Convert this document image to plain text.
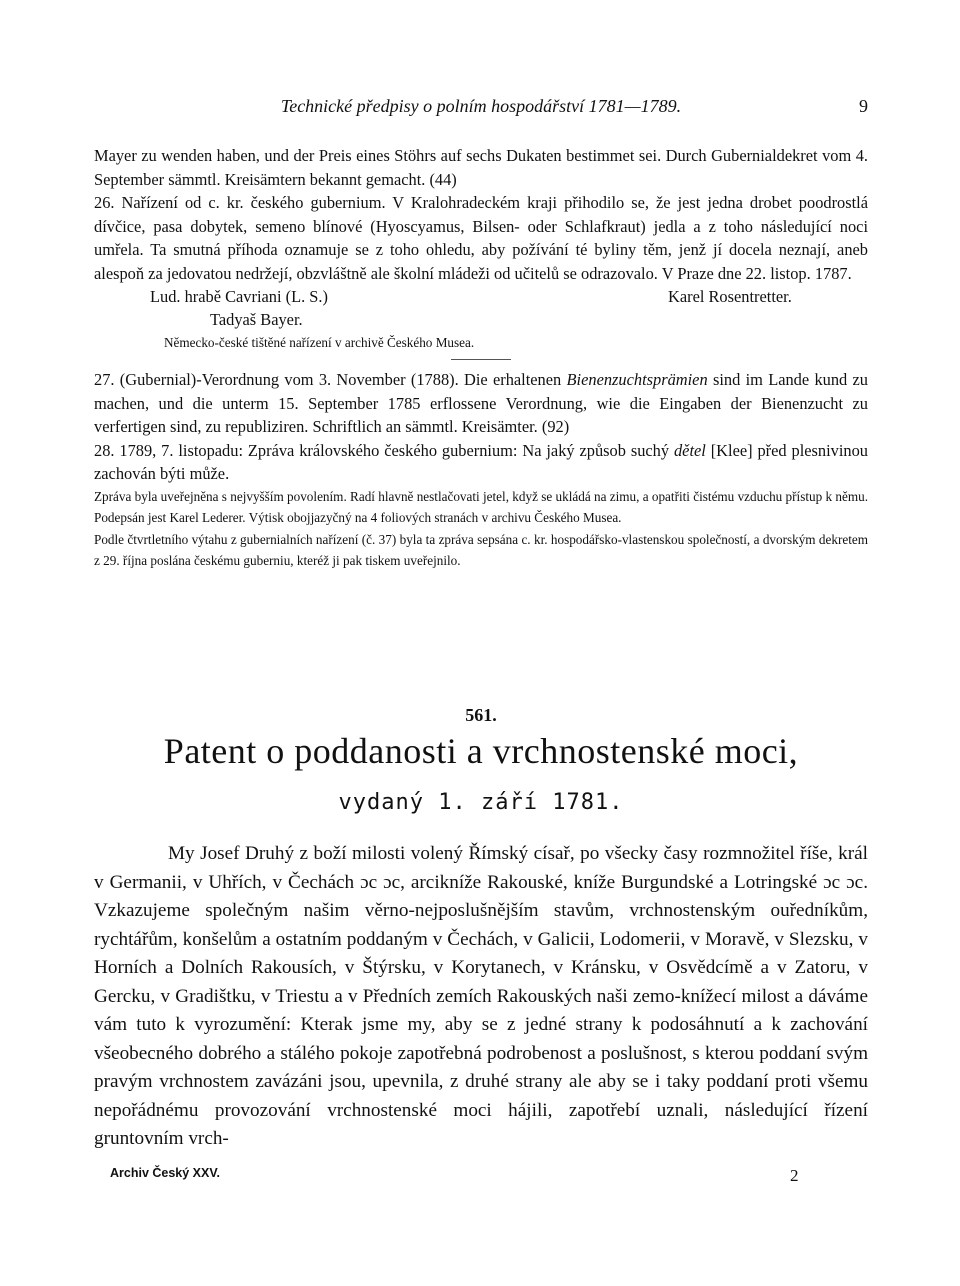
Technické předpisy o polním hospodářství 1781—1789.	9

Mayer zu wenden haben, und der Preis eines Stöhrs auf sechs Dukaten bestimmet sei. Durch Gubernialdekret vom 4. September sämmtl. Kreisämtern bekannt gemacht. (44)

26. Nařízení od c. kr. českého gubernium. V Kralohradeckém kraji přihodilo se, že jest jedna drobet poodrostlá dívčice, pasa dobytek, semeno blínové (Hyoscyamus, Bilsen- oder Schlafkraut) jedla a z toho následující noci umřela. Ta smutná příhoda oznamuje se z toho ohledu, aby požívání té byliny těm, jenž jí docela neznají, aneb alespoň za jedovatou nedržejí, obzvláštně ale školní mládeži od učitelů se odrazovalo. V Praze dne 22. listop. 1787.

Lud. hrabě Cavriani (L. S.)	Karel Rosentretter.
Tadyaš Bayer.
Německo-české tištěné nařízení v archivě Českého Musea.

27. (Gubernial)-Verordnung vom 3. November (1788). Die erhaltenen Bienenzuchtsprämien sind im Lande kund zu machen, und die unterm 15. September 1785 erflossene Verordnung, wie die Eingaben der Bienenzucht zu verfertigen sind, zu republiziren. Schriftlich an sämmtl. Kreisämter. (92)

28. 1789, 7. listopadu: Zpráva královského českého gubernium: Na jaký způsob suchý dětel [Klee] před plesnivinou zachován býti může.

Zpráva byla uveřejněna s nejvyšším povolením. Radí hlavně nestlačovati jetel, když se ukládá na zimu, a opatřiti čistému vzduchu přístup k němu. Podepsán jest Karel Lederer. Výtisk obojjazyčný na 4 foliových stranách v archivu Českého Musea.

Podle čtvrtletního výtahu z gubernialních nařízení (č. 37) byla ta zpráva sepsána c. kr. hospodářsko-vlastenskou společností, a dvorským dekretem z 29. října poslána českému guberniu, kteréž ji pak tiskem uveřejnilo.

561.
Patent o poddanosti a vrchnostenské moci,
vydaný 1. září 1781.

My Josef Druhý z boží milosti volený Římský císař, po všecky časy rozmnožitel říše, král v Germanii, v Uhřích, v Čechách ɔc ɔc, arcikníže Rakouské, kníže Burgundské a Lotringské ɔc ɔc. Vzkazujeme společným našim věrno-nejposlušnějším stavům, vrchnostenským ouředníkům, rychtářům, konšelům a ostatním poddaným v Čechách, v Galicii, Lodomerii, v Moravě, v Slezsku, v Horních a Dolních Rakousích, v Štýrsku, v Korytanech, v Kránsku, v Osvědcímě a v Zatoru, v Gercku, v Gradištku, v Triestu a v Předních zemích Rakouských naši zemo-knížecí milost a dáváme vám tuto k vyrozumění: Kterak jsme my, aby se z jedné strany k podosáhnutí a k zachování všeobecného dobrého a stálého pokoje zapotřebná podrobenost a poslušnost, s kterou poddaní svým pravým vrchnostem zavázáni jsou, upevnila, z druhé strany ale aby se i taky poddaní proti všemu nepořádnému provozování vrchnostenské moci hájili, zapotřebí uznali, následující řízení gruntovním vrch-

Archiv Český XXV.	2
